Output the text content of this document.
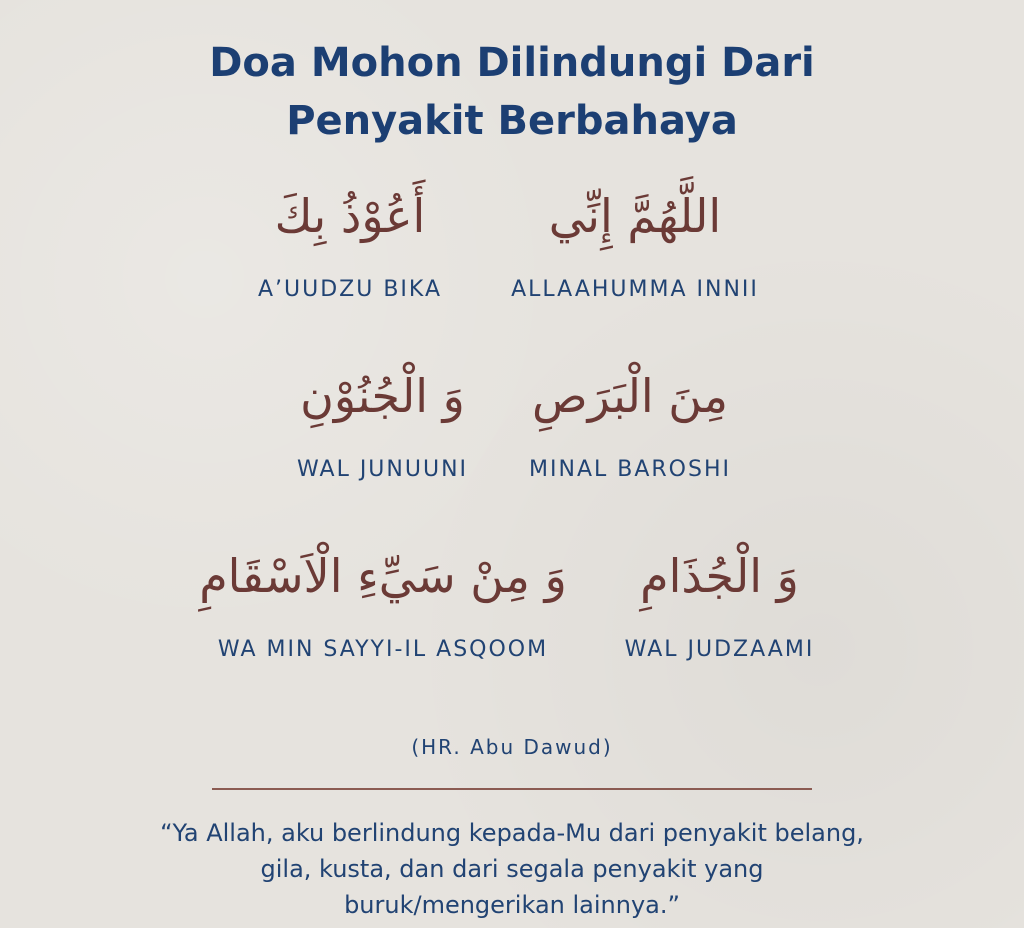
Doa Mohon Dilindungi Dari
Penyakit Berbahaya
أَعُوْذُ بِكَ
A’UUDZU BIKA
اللَّهُمَّ إِنِّي
ALLAAHUMMA INNII
وَ الْجُنُوْنِ
WAL JUNUUNI
مِنَ الْبَرَصِ
MINAL BAROSHI
وَ مِنْ سَيِّءِ الْاَسْقَامِ
WA MIN SAYYI-IL ASQOOM
وَ الْجُذَامِ
WAL JUDZAAMI
(HR. Abu Dawud)
“Ya Allah, aku berlindung kepada-Mu dari penyakit belang,
gila, kusta, dan dari segala penyakit yang
buruk/mengerikan lainnya.”
